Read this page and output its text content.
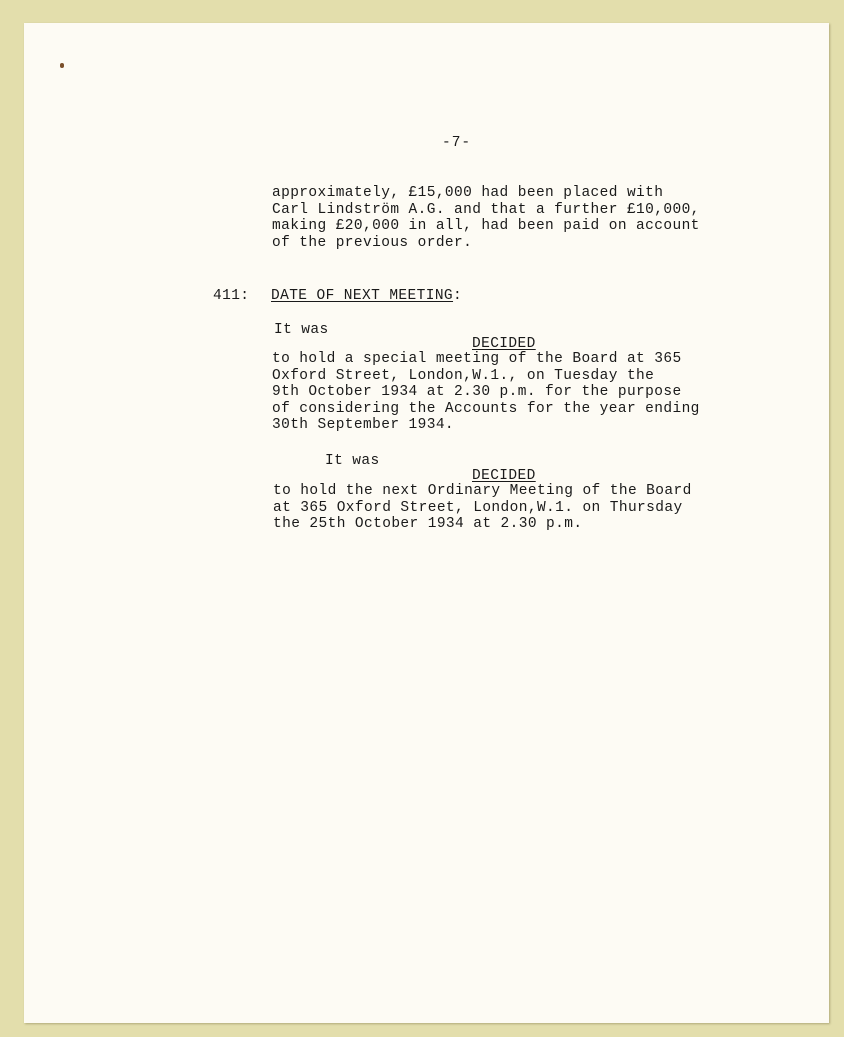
-7-

approximately, £15,000 had been placed with
Carl Lindström A.G. and that a further £10,000,
making £20,000 in all, had been paid on account
of the previous order.

411: DATE OF NEXT MEETING:

It was

DECIDED

to hold a special meeting of the Board at 365
Oxford Street, London,W.1., on Tuesday the
9th October 1934 at 2.30 p.m. for the purpose
of considering the Accounts for the year ending
30th September 1934.

It was

DECIDED

to hold the next Ordinary Meeting of the Board
at 365 Oxford Street, London,W.1. on Thursday
the 25th October 1934 at 2.30 p.m.
